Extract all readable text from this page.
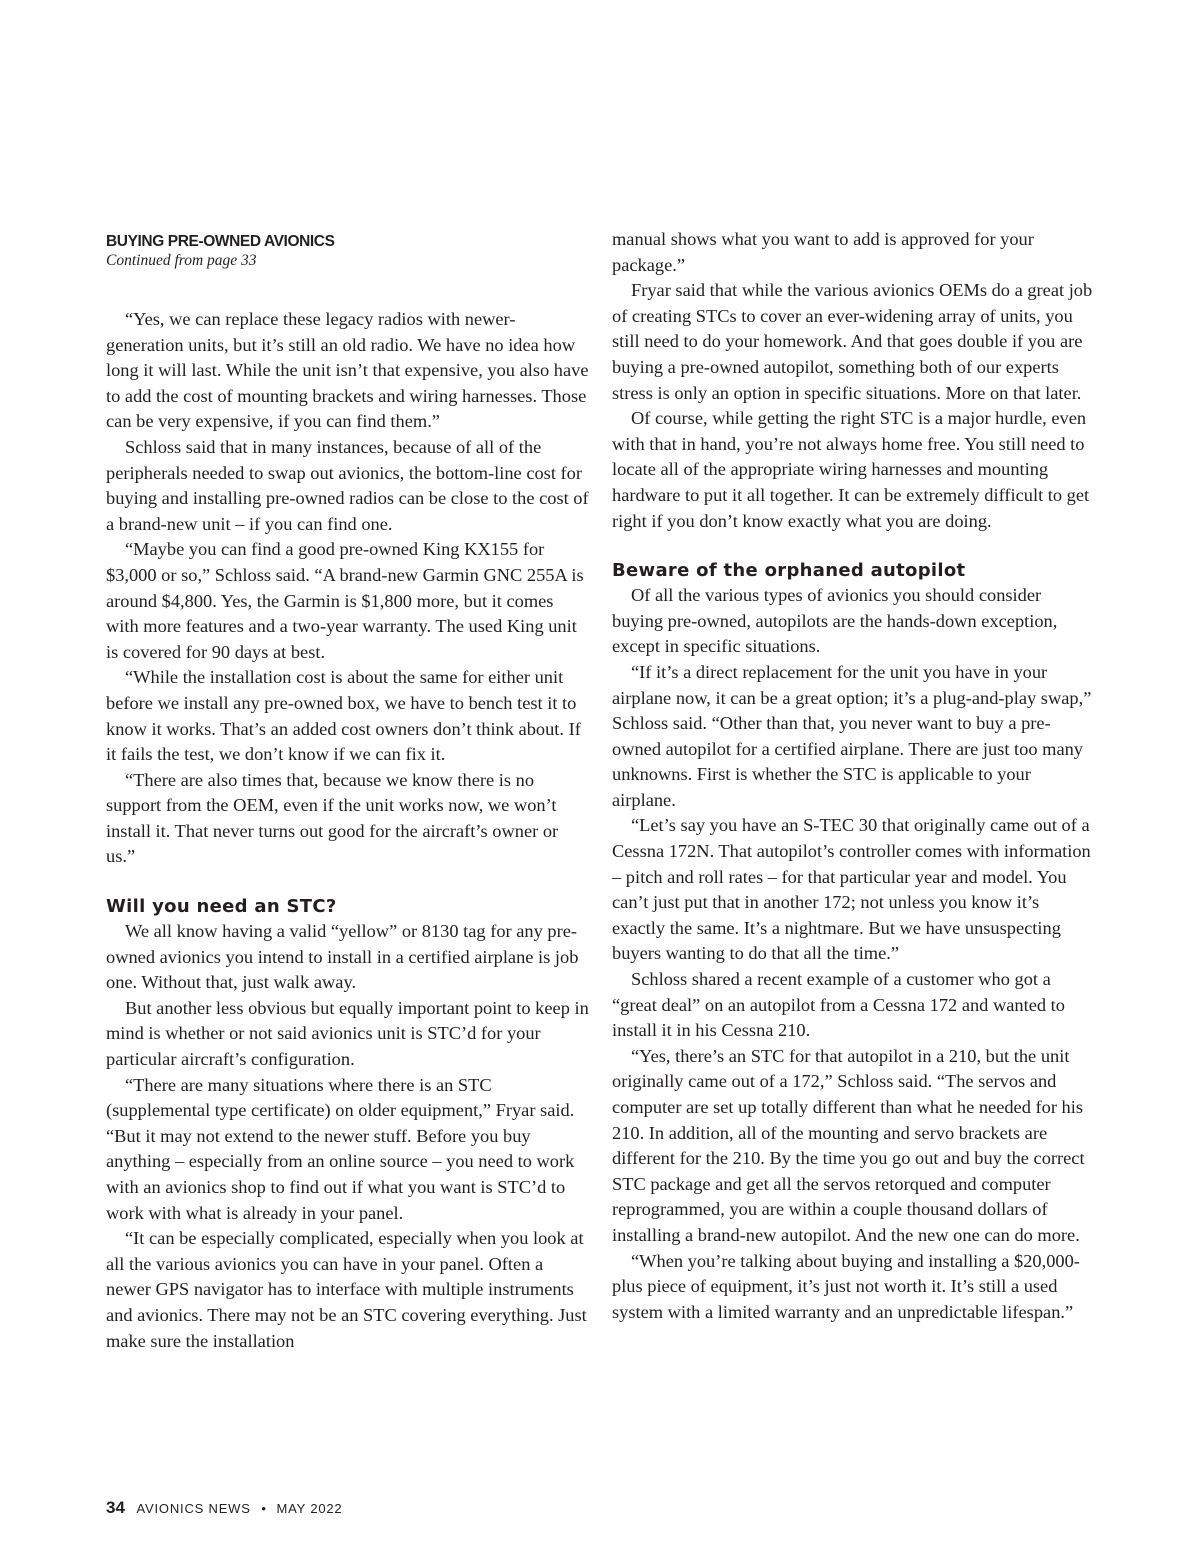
BUYING PRE-OWNED AVIONICS
Continued from page 33

“Yes, we can replace these legacy radios with newer-generation units, but it’s still an old radio. We have no idea how long it will last. While the unit isn’t that expensive, you also have to add the cost of mounting brackets and wiring harnesses. Those can be very expensive, if you can find them.”

Schloss said that in many instances, because of all of the peripherals needed to swap out avionics, the bottom-line cost for buying and installing pre-owned radios can be close to the cost of a brand-new unit – if you can find one.

“Maybe you can find a good pre-owned King KX155 for $3,000 or so,” Schloss said. “A brand-new Garmin GNC 255A is around $4,800. Yes, the Garmin is $1,800 more, but it comes with more features and a two-year warranty. The used King unit is covered for 90 days at best.

“While the installation cost is about the same for either unit before we install any pre-owned box, we have to bench test it to know it works. That’s an added cost owners don’t think about. If it fails the test, we don’t know if we can fix it.

“There are also times that, because we know there is no support from the OEM, even if the unit works now, we won’t install it. That never turns out good for the aircraft’s owner or us.”

Will you need an STC?

We all know having a valid “yellow” or 8130 tag for any pre-owned avionics you intend to install in a certified airplane is job one. Without that, just walk away.

But another less obvious but equally important point to keep in mind is whether or not said avionics unit is STC’d for your particular aircraft’s configuration.

“There are many situations where there is an STC (supplemental type certificate) on older equipment,” Fryar said. “But it may not extend to the newer stuff. Before you buy anything – especially from an online source – you need to work with an avionics shop to find out if what you want is STC’d to work with what is already in your panel.

“It can be especially complicated, especially when you look at all the various avionics you can have in your panel. Often a newer GPS navigator has to interface with multiple instruments and avionics. There may not be an STC covering everything. Just make sure the installation

manual shows what you want to add is approved for your package.”

Fryar said that while the various avionics OEMs do a great job of creating STCs to cover an ever-widening array of units, you still need to do your homework. And that goes double if you are buying a pre-owned autopilot, something both of our experts stress is only an option in specific situations. More on that later.

Of course, while getting the right STC is a major hurdle, even with that in hand, you’re not always home free. You still need to locate all of the appropriate wiring harnesses and mounting hardware to put it all together. It can be extremely difficult to get right if you don’t know exactly what you are doing.

Beware of the orphaned autopilot

Of all the various types of avionics you should consider buying pre-owned, autopilots are the hands-down exception, except in specific situations.

“If it’s a direct replacement for the unit you have in your airplane now, it can be a great option; it’s a plug-and-play swap,” Schloss said. “Other than that, you never want to buy a pre-owned autopilot for a certified airplane. There are just too many unknowns. First is whether the STC is applicable to your airplane.

“Let’s say you have an S-TEC 30 that originally came out of a Cessna 172N. That autopilot’s controller comes with information – pitch and roll rates – for that particular year and model. You can’t just put that in another 172; not unless you know it’s exactly the same. It’s a nightmare. But we have unsuspecting buyers wanting to do that all the time.”

Schloss shared a recent example of a customer who got a “great deal” on an autopilot from a Cessna 172 and wanted to install it in his Cessna 210.

“Yes, there’s an STC for that autopilot in a 210, but the unit originally came out of a 172,” Schloss said. “The servos and computer are set up totally different than what he needed for his 210. In addition, all of the mounting and servo brackets are different for the 210. By the time you go out and buy the correct STC package and get all the servos retorqued and computer reprogrammed, you are within a couple thousand dollars of installing a brand-new autopilot. And the new one can do more.

“When you’re talking about buying and installing a $20,000-plus piece of equipment, it’s just not worth it. It’s still a used system with a limited warranty and an unpredictable lifespan.”

34 AVIONICS NEWS • MAY 2022
